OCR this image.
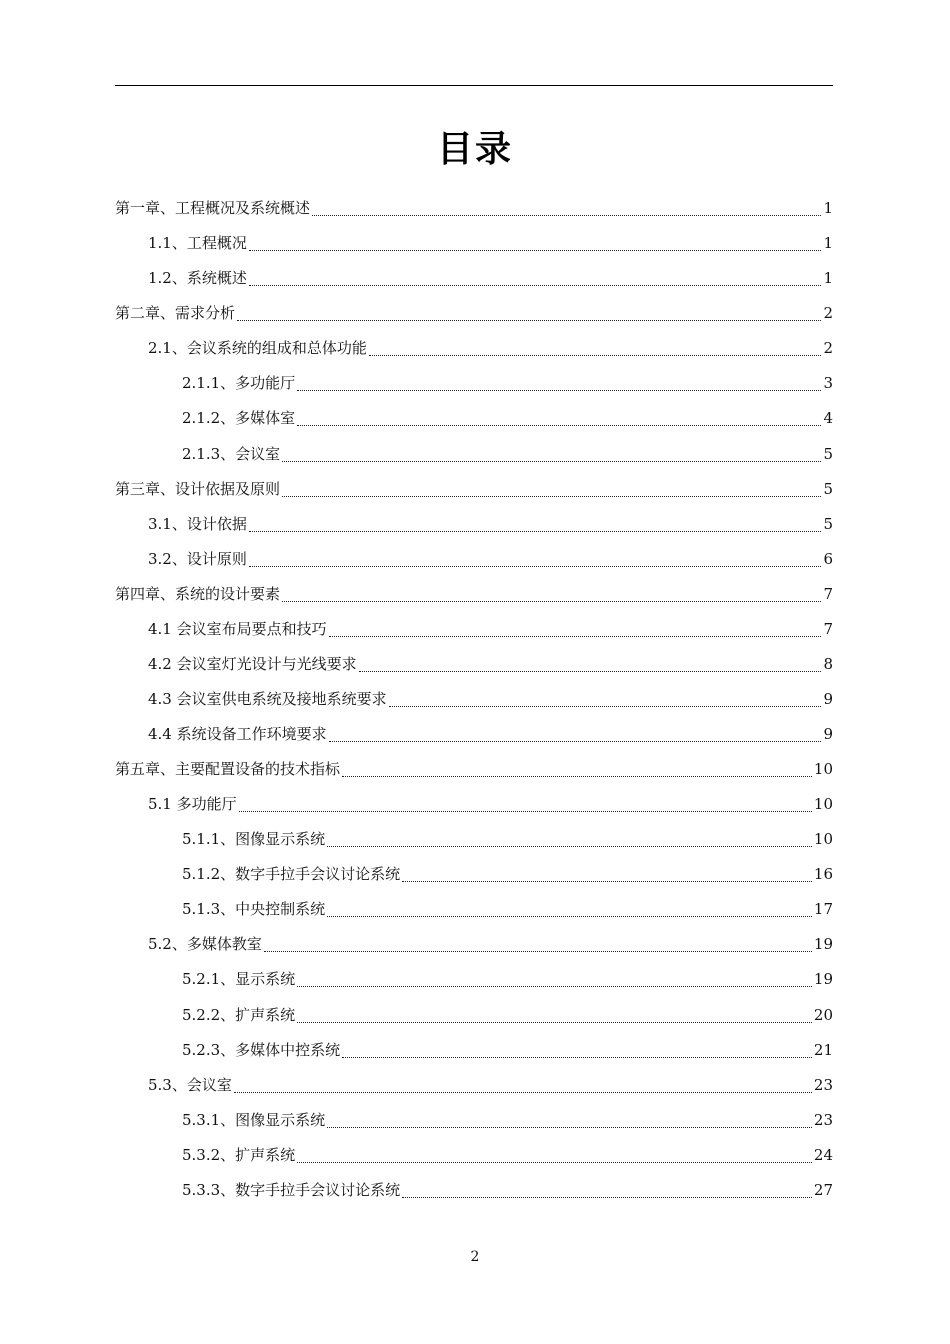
目录
第一章、工程概况及系统概述	1
1.1、工程概况	1
1.2、系统概述	1
第二章、需求分析	2
2.1、会议系统的组成和总体功能	2
2.1.1、多功能厅	3
2.1.2、多媒体室	4
2.1.3、会议室	5
第三章、设计依据及原则	5
3.1、设计依据	5
3.2、设计原则	6
第四章、系统的设计要素	7
4.1 会议室布局要点和技巧	7
4.2 会议室灯光设计与光线要求	8
4.3 会议室供电系统及接地系统要求	9
4.4 系统设备工作环境要求	9
第五章、主要配置设备的技术指标	10
5.1 多功能厅	10
5.1.1、图像显示系统	10
5.1.2、数字手拉手会议讨论系统	16
5.1.3、中央控制系统	17
5.2、多媒体教室	19
5.2.1、显示系统	19
5.2.2、扩声系统	20
5.2.3、多媒体中控系统	21
5.3、会议室	23
5.3.1、图像显示系统	23
5.3.2、扩声系统	24
5.3.3、数字手拉手会议讨论系统	27
2
